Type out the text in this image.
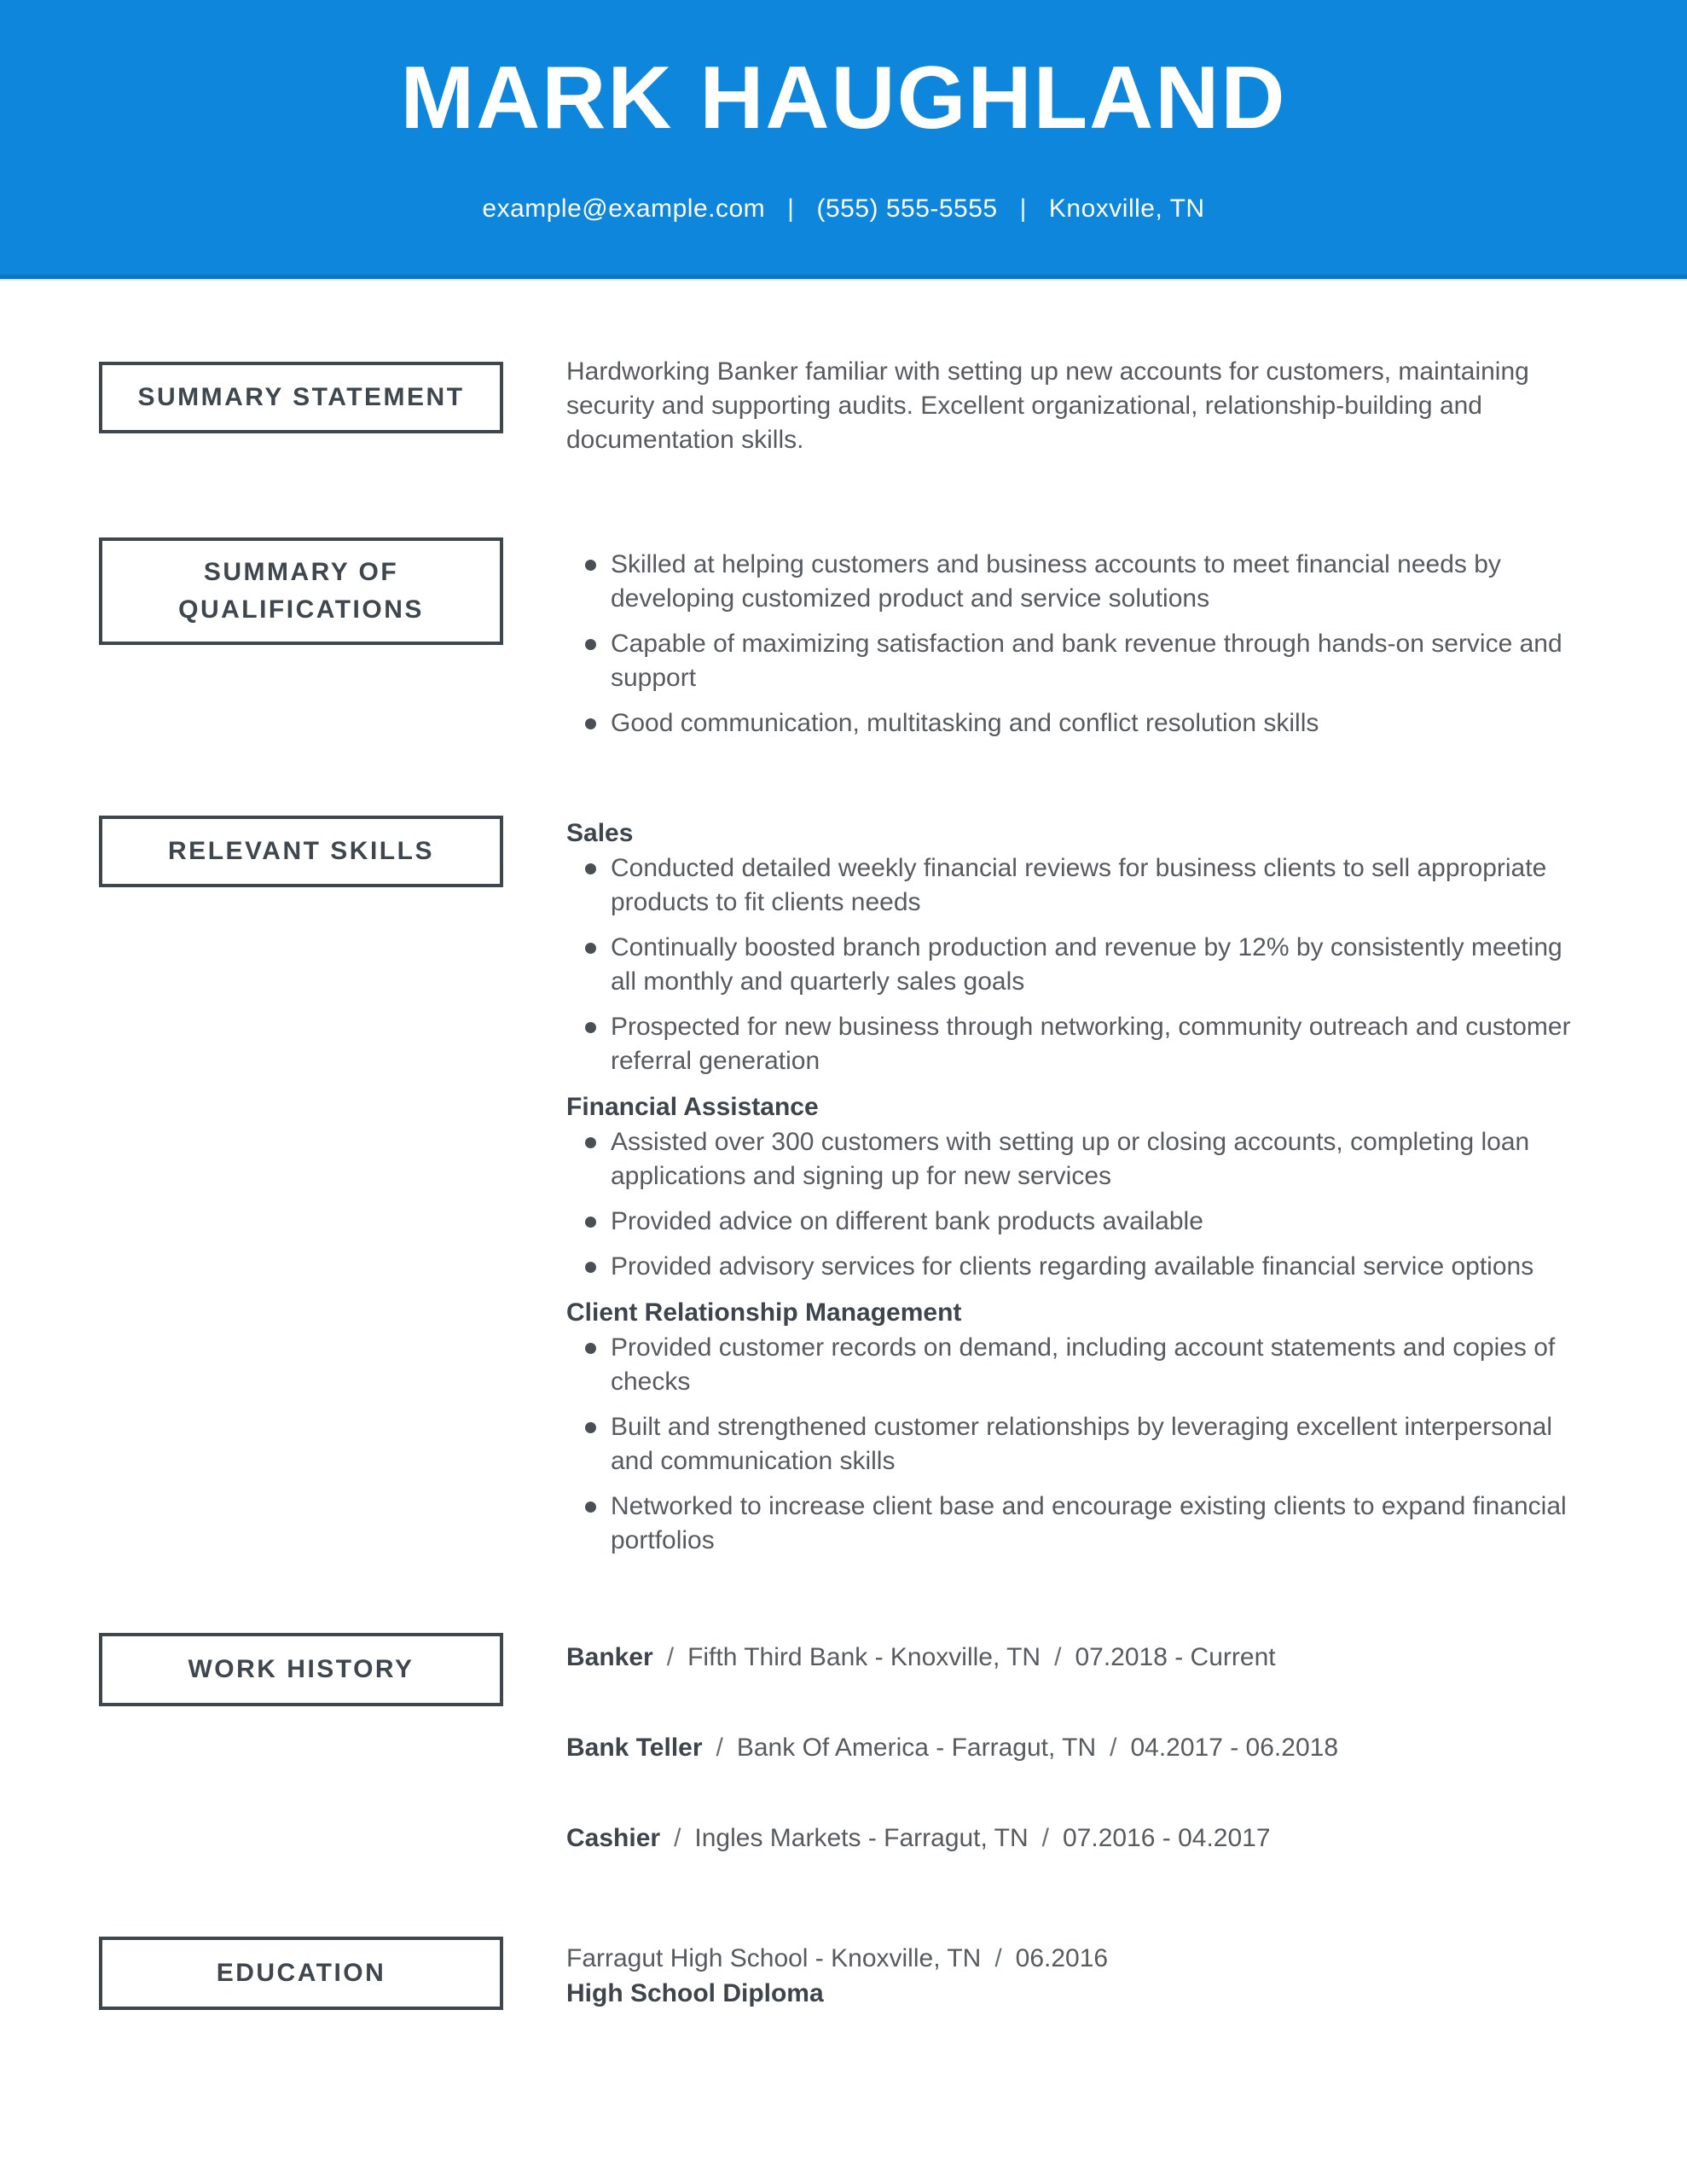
MARK HAUGHLAND
example@example.com | (555) 555-5555 | Knoxville, TN
SUMMARY STATEMENT
SUMMARY OF QUALIFICATIONS
RELEVANT SKILLS
WORK HISTORY
EDUCATION

Hardworking Banker familiar with setting up new accounts for customers, maintaining security and supporting audits. Excellent organizational, relationship-building and documentation skills.

Skilled at helping customers and business accounts to meet financial needs by developing customized product and service solutions
Capable of maximizing satisfaction and bank revenue through hands-on service and support
Good communication, multitasking and conflict resolution skills
Sales
Conducted detailed weekly financial reviews for business clients to sell appropriate products to fit clients needs
Continually boosted branch production and revenue by 12% by consistently meeting all monthly and quarterly sales goals
Prospected for new business through networking, community outreach and customer referral generation
Financial Assistance
Assisted over 300 customers with setting up or closing accounts, completing loan applications and signing up for new services
Provided advice on different bank products available
Provided advisory services for clients regarding available financial service options
Client Relationship Management
Provided customer records on demand, including account statements and copies of checks
Built and strengthened customer relationships by leveraging excellent interpersonal and communication skills
Networked to increase client base and encourage existing clients to expand financial portfolios
Banker / Fifth Third Bank - Knoxville, TN / 07.2018 - Current
Bank Teller / Bank Of America - Farragut, TN / 04.2017 - 06.2018
Cashier / Ingles Markets - Farragut, TN / 07.2016 - 04.2017
Farragut High School - Knoxville, TN / 06.2016
High School Diploma
